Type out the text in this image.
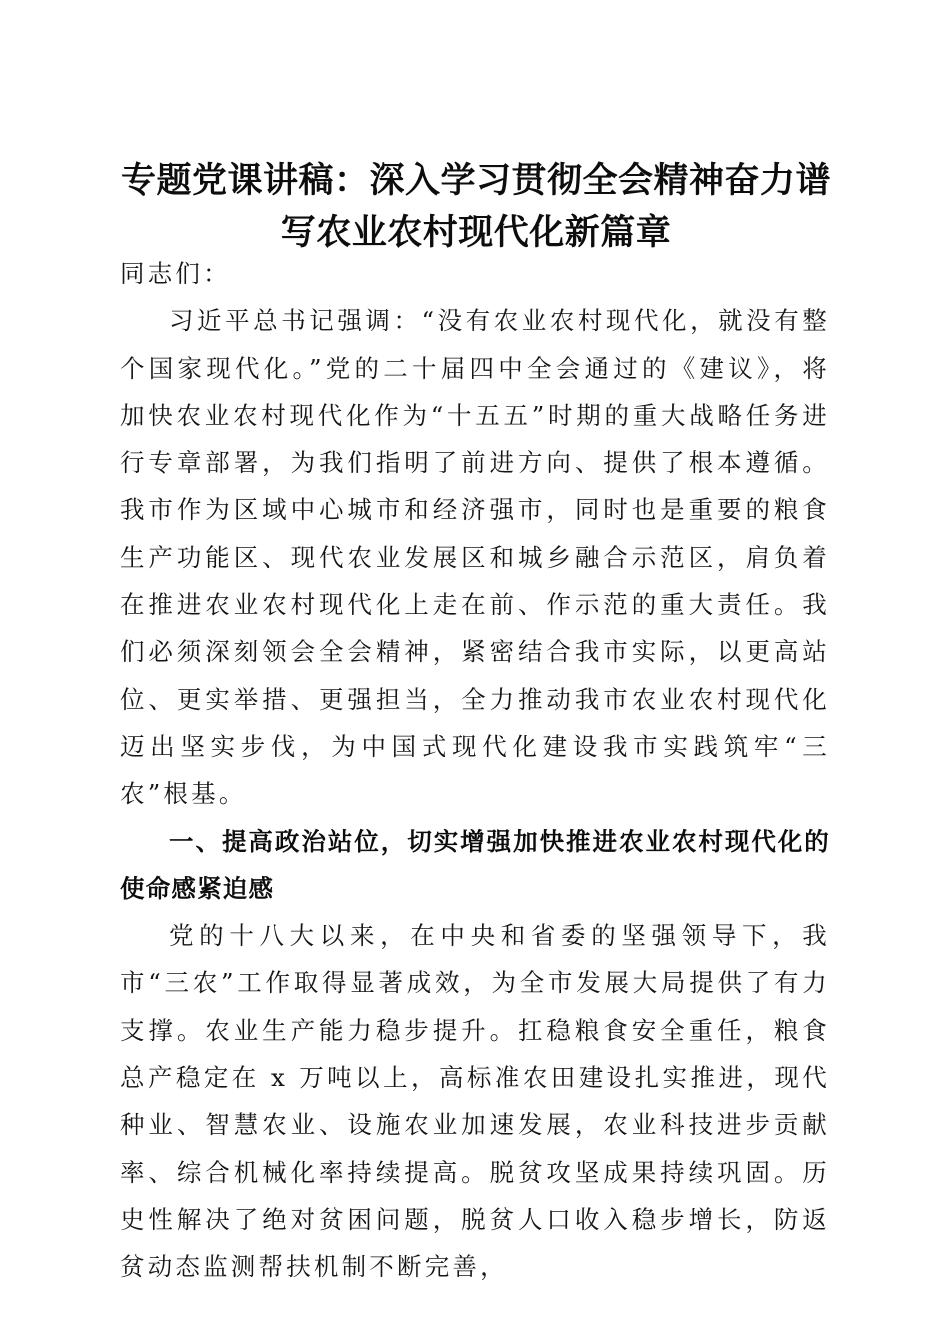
专题党课讲稿：深入学习贯彻全会精神奋力谱
写农业农村现代化新篇章

同志们：

习近平总书记强调：“没有农业农村现代化，就没有整个国家现代化。”党的二十届四中全会通过的《建议》，将加快农业农村现代化作为“十五五”时期的重大战略任务进行专章部署，为我们指明了前进方向、提供了根本遵循。我市作为区域中心城市和经济强市，同时也是重要的粮食生产功能区、现代农业发展区和城乡融合示范区，肩负着在推进农业农村现代化上走在前、作示范的重大责任。我们必须深刻领会全会精神，紧密结合我市实际，以更高站位、更实举措、更强担当，全力推动我市农业农村现代化迈出坚实步伐，为中国式现代化建设我市实践筑牢“三农”根基。

一、提高政治站位，切实增强加快推进农业农村现代化的使命感紧迫感

党的十八大以来，在中央和省委的坚强领导下，我市“三农”工作取得显著成效，为全市发展大局提供了有力支撑。农业生产能力稳步提升。扛稳粮食安全重任，粮食总产稳定在 x 万吨以上，高标准农田建设扎实推进，现代种业、智慧农业、设施农业加速发展，农业科技进步贡献率、综合机械化率持续提高。脱贫攻坚成果持续巩固。历史性解决了绝对贫困问题，脱贫人口收入稳步增长，防返贫动态监测帮扶机制不断完善，
